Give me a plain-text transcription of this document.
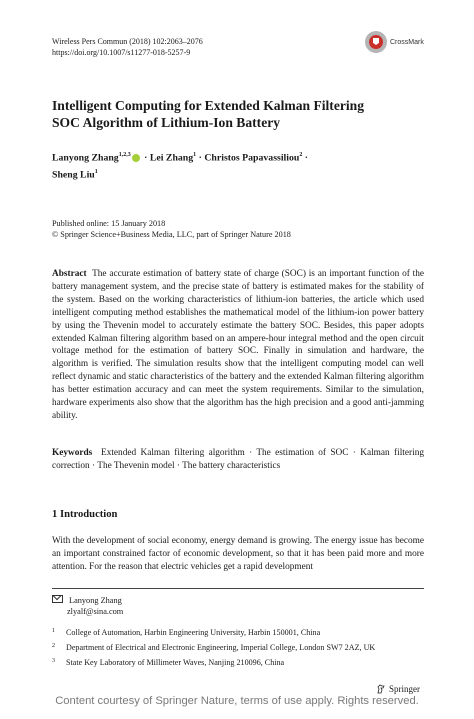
Wireless Pers Commun (2018) 102:2063–2076
https://doi.org/10.1007/s11277-018-5257-9
CrossMark
Intelligent Computing for Extended Kalman Filtering
SOC Algorithm of Lithium-Ion Battery
Lanyong Zhang$^{1,2,3}$ · Lei Zhang$^1$ · Christos Papavassiliou$^2$ ·
Sheng Liu$^1$
Published online: 15 January 2018
© Springer Science+Business Media, LLC, part of Springer Nature 2018
Abstract The accurate estimation of battery state of charge (SOC) is an important function of the battery management system, and the precise state of battery is estimated makes for the stability of the system. Based on the working characteristics of lithium-ion batteries, the article which used intelligent computing method establishes the mathematical model of the lithium-ion power battery by using the Thevenin model to accurately estimate the battery SOC. Besides, this paper adopts extended Kalman filtering algorithm based on an ampere-hour integral method and the open circuit voltage method for the estimation of battery SOC. Finally in simulation and hardware, the algorithm is verified. The simulation results show that the intelligent computing model can well reflect dynamic and static characteristics of the battery and the extended Kalman filtering algorithm has better estimation accuracy and can meet the system requirements. Similar to the simulation, hardware experiments also show that the algorithm has the high precision and a good anti-jamming ability.
Keywords Extended Kalman filtering algorithm · The estimation of SOC · Kalman filtering correction · The Thevenin model · The battery characteristics
1 Introduction
With the development of social economy, energy demand is growing. The energy issue has become an important constrained factor of economic development, so that it has been paid more and more attention. For the reason that electric vehicles get a rapid development
Lanyong Zhang
zlyalf@sina.com
1 College of Automation, Harbin Engineering University, Harbin 150001, China
2 Department of Electrical and Electronic Engineering, Imperial College, London SW7 2AZ, UK
3 State Key Laboratory of Millimeter Waves, Nanjing 210096, China
Springer
Content courtesy of Springer Nature, terms of use apply. Rights reserved.
